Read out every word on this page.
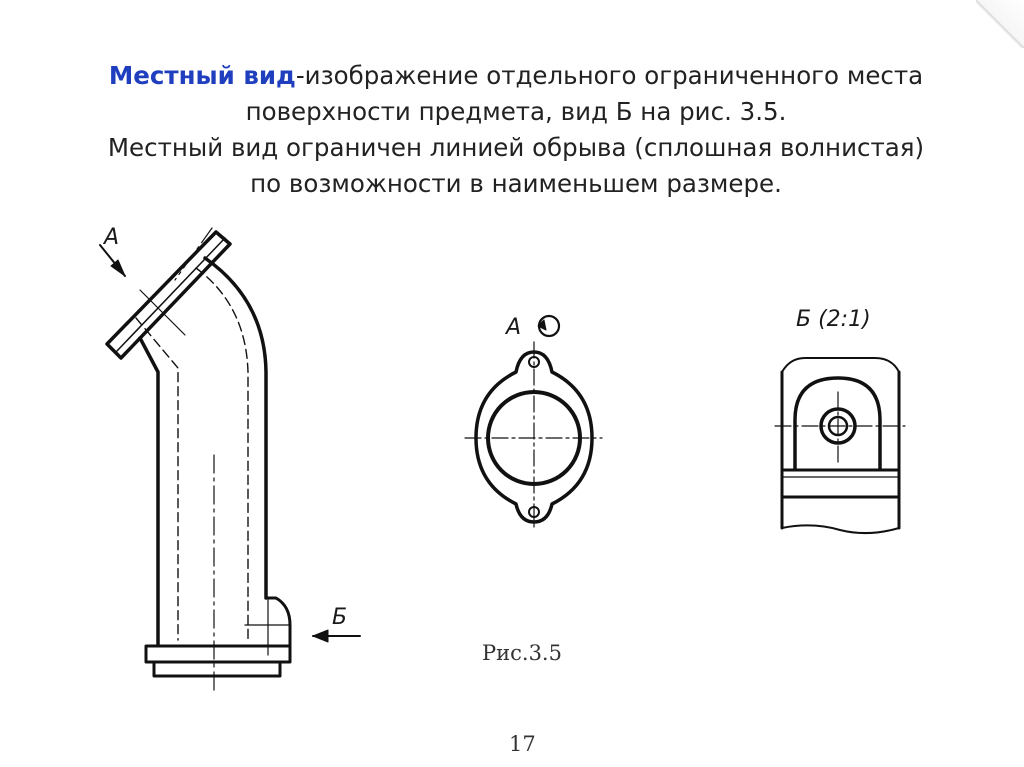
Местный вид-изображение отдельного ограниченного места поверхности предмета, вид Б на рис. 3.5.
Местный вид ограничен линией обрыва (сплошная волнистая) по возможности в наименьшем размере.
А
Б
А	Б (2:1)
Рис.3.5
17
